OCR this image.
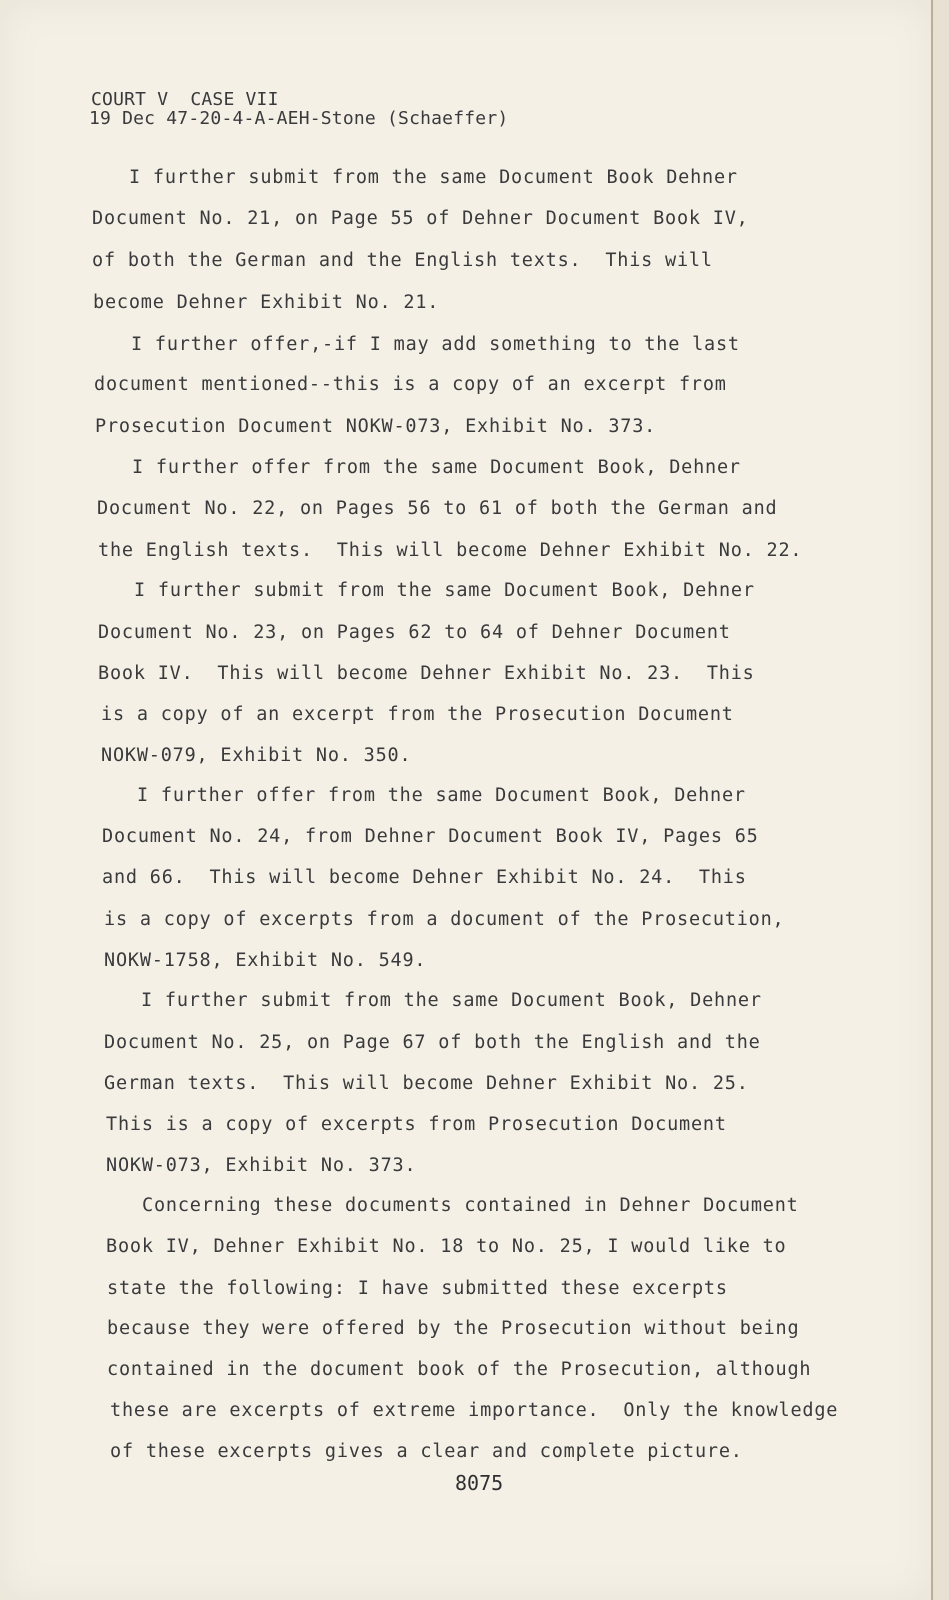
COURT V  CASE VII
19 Dec 47-20-4-A-AEH-Stone (Schaeffer)
I further submit from the same Document Book Dehner
Document No. 21, on Page 55 of Dehner Document Book IV,
of both the German and the English texts.  This will
become Dehner Exhibit No. 21.
I further offer,-if I may add something to the last
document mentioned--this is a copy of an excerpt from
Prosecution Document NOKW-073, Exhibit No. 373.
I further offer from the same Document Book, Dehner
Document No. 22, on Pages 56 to 61 of both the German and
the English texts.  This will become Dehner Exhibit No. 22.
I further submit from the same Document Book, Dehner
Document No. 23, on Pages 62 to 64 of Dehner Document
Book IV.  This will become Dehner Exhibit No. 23.  This
is a copy of an excerpt from the Prosecution Document
NOKW-079, Exhibit No. 350.
I further offer from the same Document Book, Dehner
Document No. 24, from Dehner Document Book IV, Pages 65
and 66.  This will become Dehner Exhibit No. 24.  This
is a copy of excerpts from a document of the Prosecution,
NOKW-1758, Exhibit No. 549.
I further submit from the same Document Book, Dehner
Document No. 25, on Page 67 of both the English and the
German texts.  This will become Dehner Exhibit No. 25.
This is a copy of excerpts from Prosecution Document
NOKW-073, Exhibit No. 373.
Concerning these documents contained in Dehner Document
Book IV, Dehner Exhibit No. 18 to No. 25, I would like to
state the following: I have submitted these excerpts
because they were offered by the Prosecution without being
contained in the document book of the Prosecution, although
these are excerpts of extreme importance.  Only the knowledge
of these excerpts gives a clear and complete picture.
8075
